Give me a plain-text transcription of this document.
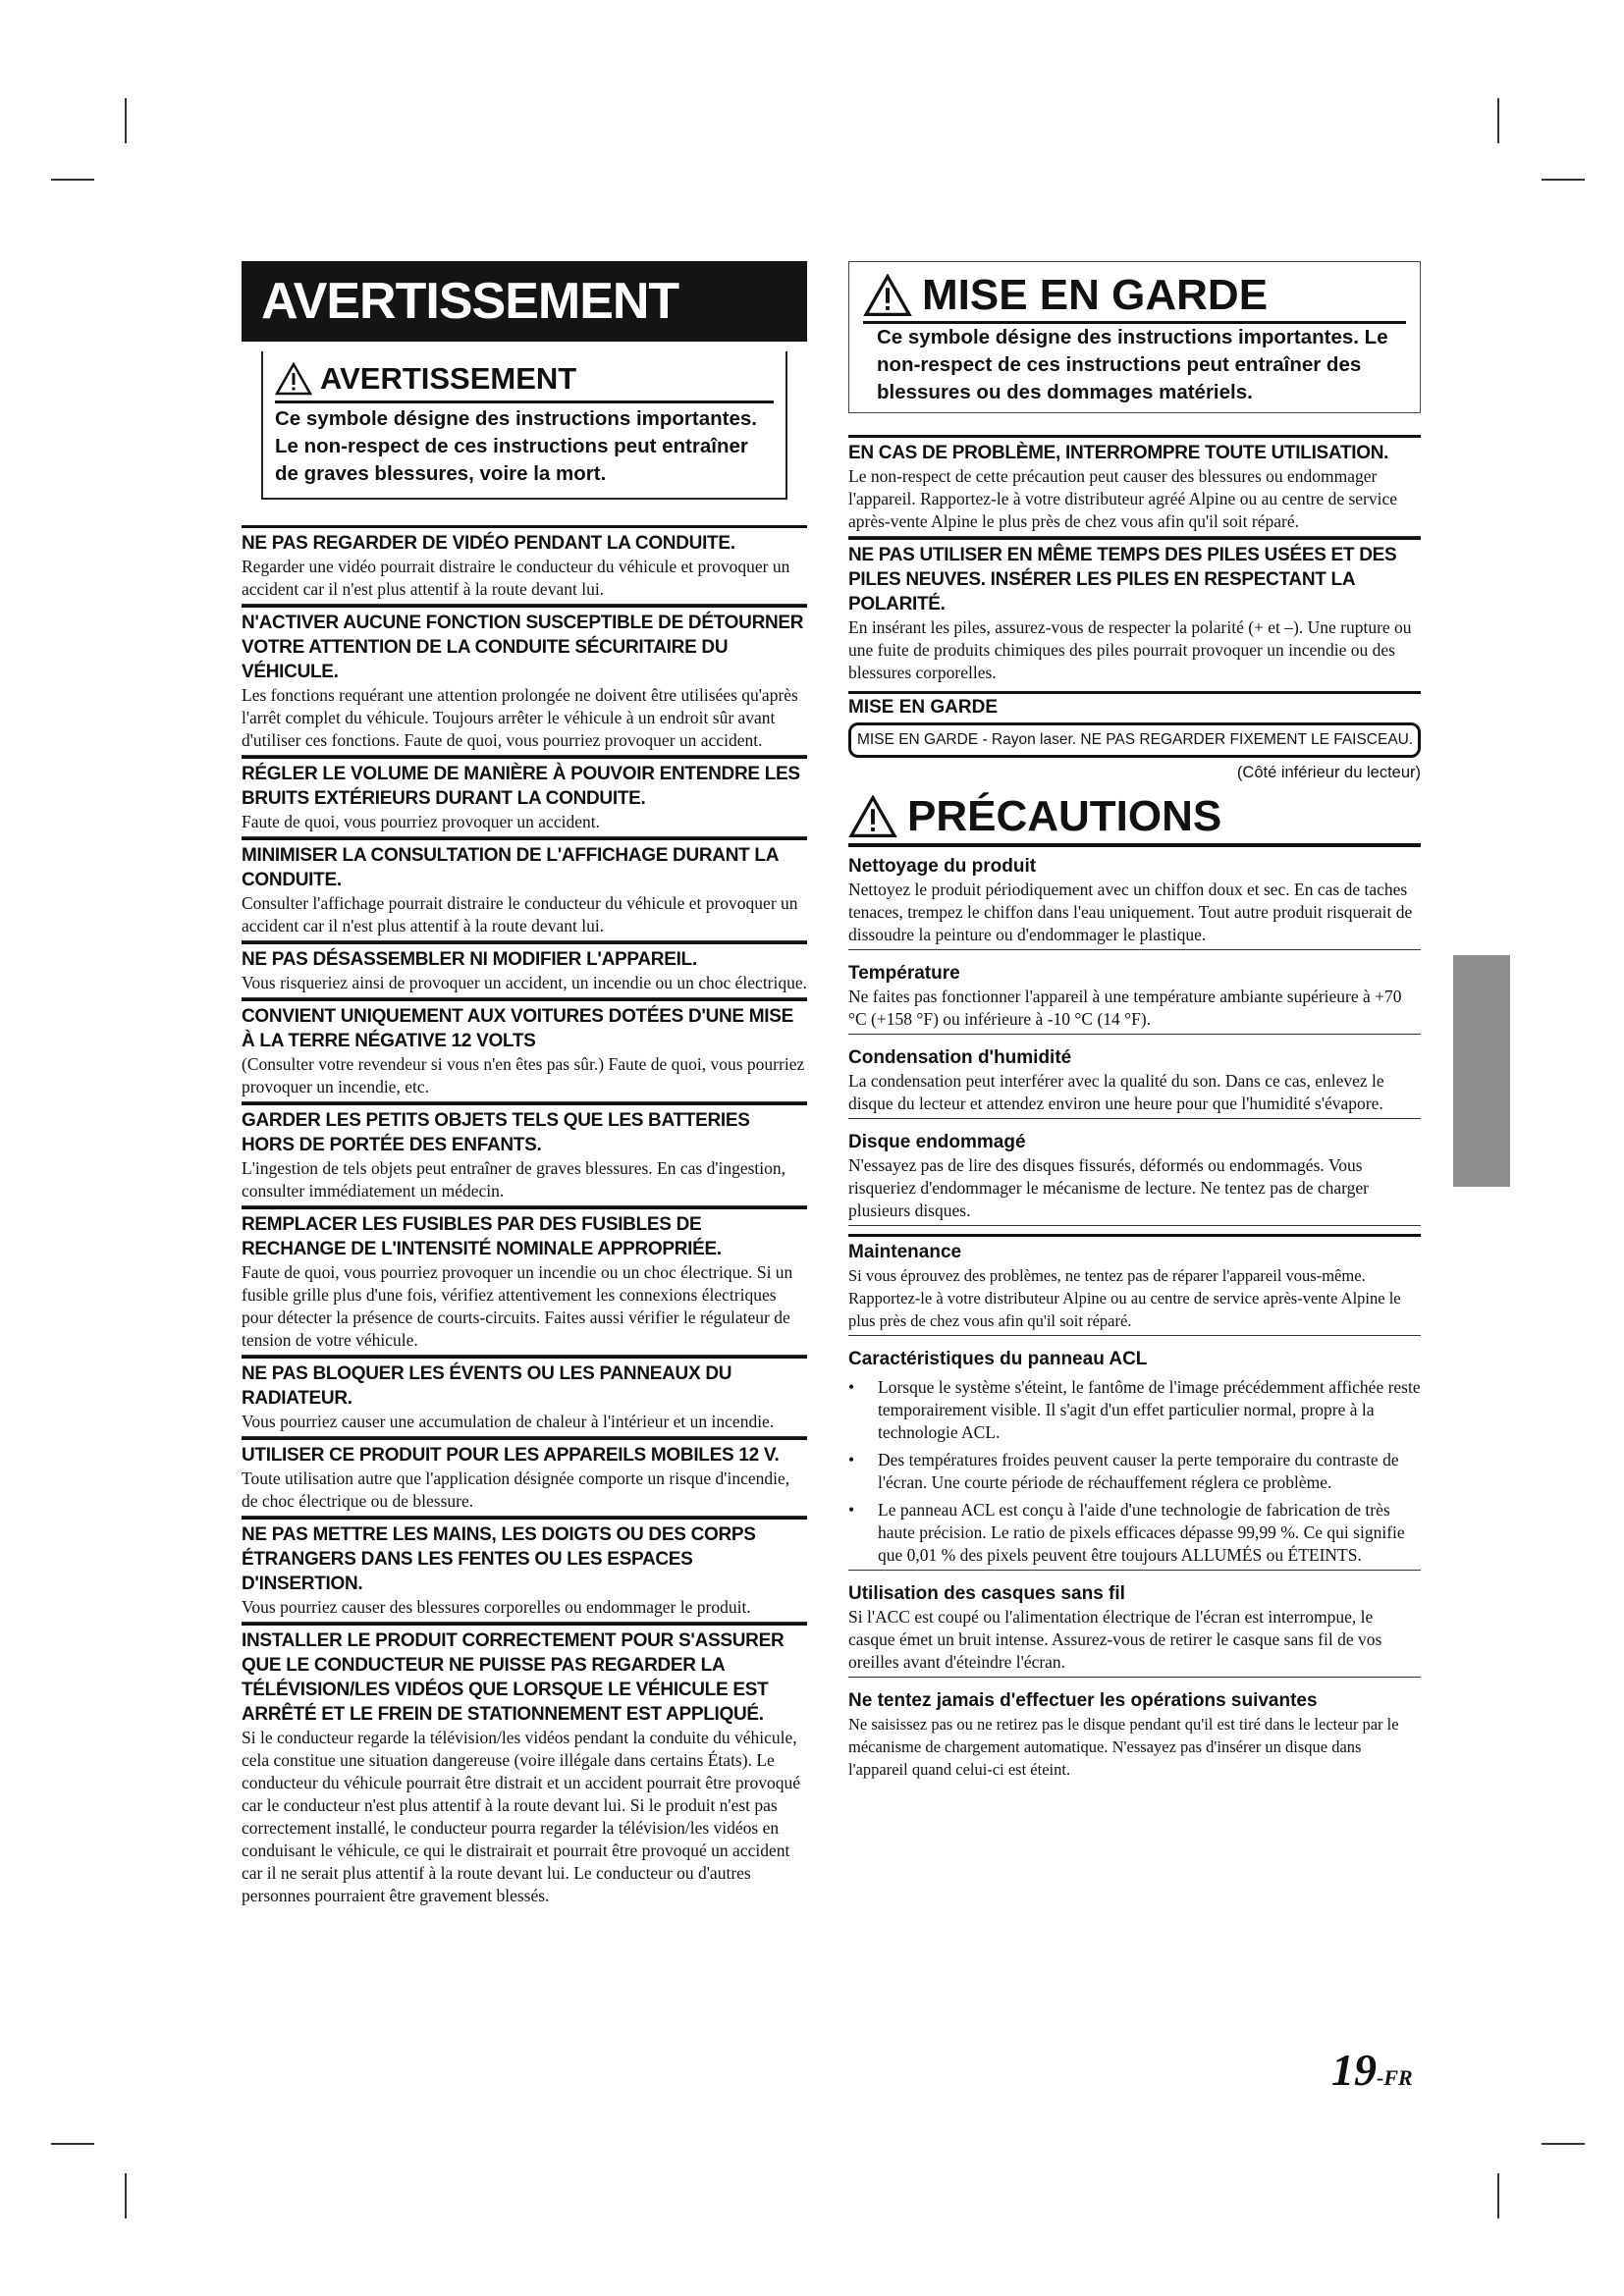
AVERTISSEMENT
AVERTISSEMENT
Ce symbole désigne des instructions importantes. Le non-respect de ces instructions peut entraîner de graves blessures, voire la mort.
NE PAS REGARDER DE VIDÉO PENDANT LA CONDUITE.
Regarder une vidéo pourrait distraire le conducteur du véhicule et provoquer un accident car il n'est plus attentif à la route devant lui.
N'ACTIVER AUCUNE FONCTION SUSCEPTIBLE DE DÉTOURNER VOTRE ATTENTION DE LA CONDUITE SÉCURITAIRE DU VÉHICULE.
Les fonctions requérant une attention prolongée ne doivent être utilisées qu'après l'arrêt complet du véhicule. Toujours arrêter le véhicule à un endroit sûr avant d'utiliser ces fonctions. Faute de quoi, vous pourriez provoquer un accident.
RÉGLER LE VOLUME DE MANIÈRE À POUVOIR ENTENDRE LES BRUITS EXTÉRIEURS DURANT LA CONDUITE.
Faute de quoi, vous pourriez provoquer un accident.
MINIMISER LA CONSULTATION DE L'AFFICHAGE DURANT LA CONDUITE.
Consulter l'affichage pourrait distraire le conducteur du véhicule et provoquer un accident car il n'est plus attentif à la route devant lui.
NE PAS DÉSASSEMBLER NI MODIFIER L'APPAREIL.
Vous risqueriez ainsi de provoquer un accident, un incendie ou un choc électrique.
CONVIENT UNIQUEMENT AUX VOITURES DOTÉES D'UNE MISE À LA TERRE NÉGATIVE 12 VOLTS
(Consulter votre revendeur si vous n'en êtes pas sûr.) Faute de quoi, vous pourriez provoquer un incendie, etc.
GARDER LES PETITS OBJETS TELS QUE LES BATTERIES HORS DE PORTÉE DES ENFANTS.
L'ingestion de tels objets peut entraîner de graves blessures. En cas d'ingestion, consulter immédiatement un médecin.
REMPLACER LES FUSIBLES PAR DES FUSIBLES DE RECHANGE DE L'INTENSITÉ NOMINALE APPROPRIÉE.
Faute de quoi, vous pourriez provoquer un incendie ou un choc électrique. Si un fusible grille plus d'une fois, vérifiez attentivement les connexions électriques pour détecter la présence de courts-circuits. Faites aussi vérifier le régulateur de tension de votre véhicule.
NE PAS BLOQUER LES ÉVENTS OU LES PANNEAUX DU RADIATEUR.
Vous pourriez causer une accumulation de chaleur à l'intérieur et un incendie.
UTILISER CE PRODUIT POUR LES APPAREILS MOBILES 12 V.
Toute utilisation autre que l'application désignée comporte un risque d'incendie, de choc électrique ou de blessure.
NE PAS METTRE LES MAINS, LES DOIGTS OU DES CORPS ÉTRANGERS DANS LES FENTES OU LES ESPACES D'INSERTION.
Vous pourriez causer des blessures corporelles ou endommager le produit.
INSTALLER LE PRODUIT CORRECTEMENT POUR S'ASSURER QUE LE CONDUCTEUR NE PUISSE PAS REGARDER LA TÉLÉVISION/LES VIDÉOS QUE LORSQUE LE VÉHICULE EST ARRÊTÉ ET LE FREIN DE STATIONNEMENT EST APPLIQUÉ.
Si le conducteur regarde la télévision/les vidéos pendant la conduite du véhicule, cela constitue une situation dangereuse (voire illégale dans certains États). Le conducteur du véhicule pourrait être distrait et un accident pourrait être provoqué car le conducteur n'est plus attentif à la route devant lui. Si le produit n'est pas correctement installé, le conducteur pourra regarder la télévision/les vidéos en conduisant le véhicule, ce qui le distrairait et pourrait être provoqué un accident car il ne serait plus attentif à la route devant lui. Le conducteur ou d'autres personnes pourraient être gravement blessés.
MISE EN GARDE
Ce symbole désigne des instructions importantes. Le non-respect de ces instructions peut entraîner des blessures ou des dommages matériels.
EN CAS DE PROBLÈME, INTERROMPRE TOUTE UTILISATION.
Le non-respect de cette précaution peut causer des blessures ou endommager l'appareil. Rapportez-le à votre distributeur agréé Alpine ou au centre de service après-vente Alpine le plus près de chez vous afin qu'il soit réparé.
NE PAS UTILISER EN MÊME TEMPS DES PILES USÉES ET DES PILES NEUVES. INSÉRER LES PILES EN RESPECTANT LA POLARITÉ.
En insérant les piles, assurez-vous de respecter la polarité (+ et –). Une rupture ou une fuite de produits chimiques des piles pourrait provoquer un incendie ou des blessures corporelles.
MISE EN GARDE
MISE EN GARDE - Rayon laser. NE PAS REGARDER FIXEMENT LE FAISCEAU.
(Côté inférieur du lecteur)
PRÉCAUTIONS
Nettoyage du produit
Nettoyez le produit périodiquement avec un chiffon doux et sec. En cas de taches tenaces, trempez le chiffon dans l'eau uniquement. Tout autre produit risquerait de dissoudre la peinture ou d'endommager le plastique.
Température
Ne faites pas fonctionner l'appareil à une température ambiante supérieure à +70 °C (+158 °F) ou inférieure à -10 °C (14 °F).
Condensation d'humidité
La condensation peut interférer avec la qualité du son. Dans ce cas, enlevez le disque du lecteur et attendez environ une heure pour que l'humidité s'évapore.
Disque endommagé
N'essayez pas de lire des disques fissurés, déformés ou endommagés. Vous risqueriez d'endommager le mécanisme de lecture. Ne tentez pas de charger plusieurs disques.
Maintenance
Si vous éprouvez des problèmes, ne tentez pas de réparer l'appareil vous-même. Rapportez-le à votre distributeur Alpine ou au centre de service après-vente Alpine le plus près de chez vous afin qu'il soit réparé.
Caractéristiques du panneau ACL
• Lorsque le système s'éteint, le fantôme de l'image précédemment affichée reste temporairement visible. Il s'agit d'un effet particulier normal, propre à la technologie ACL.
• Des températures froides peuvent causer la perte temporaire du contraste de l'écran. Une courte période de réchauffement réglera ce problème.
• Le panneau ACL est conçu à l'aide d'une technologie de fabrication de très haute précision. Le ratio de pixels efficaces dépasse 99,99 %. Ce qui signifie que 0,01 % des pixels peuvent être toujours ALLUMÉS ou ÉTEINTS.
Utilisation des casques sans fil
Si l'ACC est coupé ou l'alimentation électrique de l'écran est interrompue, le casque émet un bruit intense. Assurez-vous de retirer le casque sans fil de vos oreilles avant d'éteindre l'écran.
Ne tentez jamais d'effectuer les opérations suivantes
Ne saisissez pas ou ne retirez pas le disque pendant qu'il est tiré dans le lecteur par le mécanisme de chargement automatique. N'essayez pas d'insérer un disque dans l'appareil quand celui-ci est éteint.
19-FR
